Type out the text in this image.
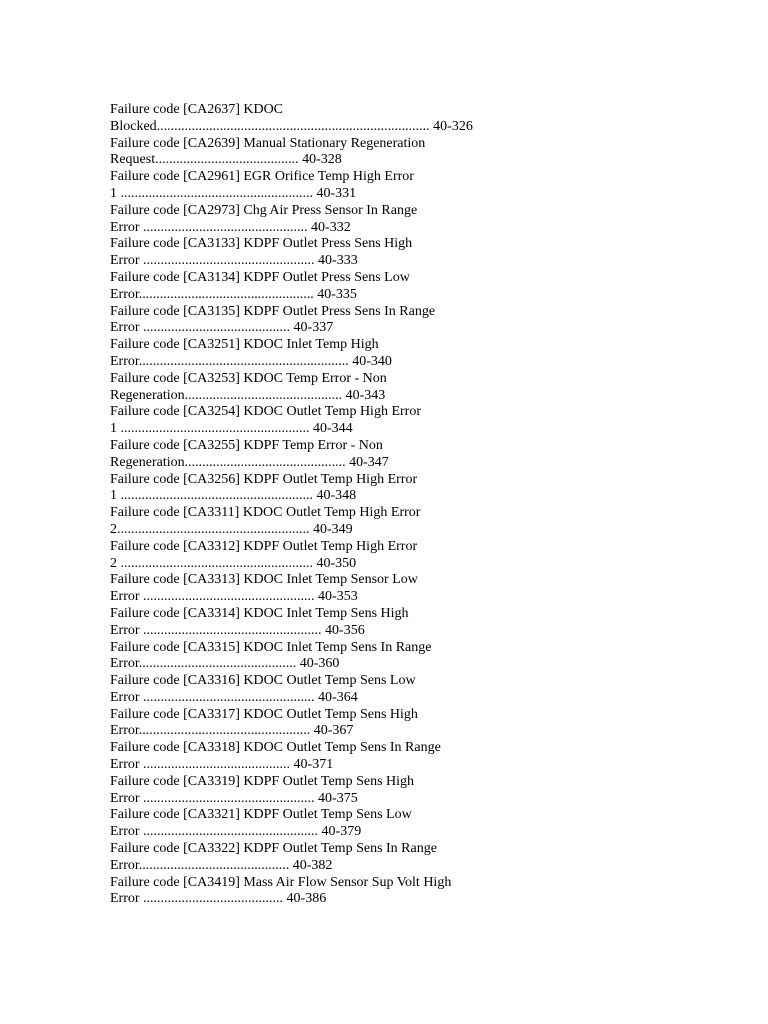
Failure code [CA2637] KDOC
Blocked.............................................................................. 40-326
Failure code [CA2639] Manual Stationary Regeneration
Request......................................... 40-328
Failure code [CA2961] EGR Orifice Temp High Error
1 ....................................................... 40-331
Failure code [CA2973] Chg Air Press Sensor In Range
Error ............................................... 40-332
Failure code [CA3133] KDPF Outlet Press Sens High
Error ................................................. 40-333
Failure code [CA3134] KDPF Outlet Press Sens Low
Error.................................................. 40-335
Failure code [CA3135] KDPF Outlet Press Sens In Range
Error .......................................... 40-337
Failure code [CA3251] KDOC Inlet Temp High
Error............................................................ 40-340
Failure code [CA3253] KDOC Temp Error - Non
Regeneration............................................. 40-343
Failure code [CA3254] KDOC Outlet Temp High Error
1 ...................................................... 40-344
Failure code [CA3255] KDPF Temp Error - Non
Regeneration.............................................. 40-347
Failure code [CA3256] KDPF Outlet Temp High Error
1 ....................................................... 40-348
Failure code [CA3311] KDOC Outlet Temp High Error
2....................................................... 40-349
Failure code [CA3312] KDPF Outlet Temp High Error
2 ....................................................... 40-350
Failure code [CA3313] KDOC Inlet Temp Sensor Low
Error ................................................. 40-353
Failure code [CA3314] KDOC Inlet Temp Sens High
Error ................................................... 40-356
Failure code [CA3315] KDOC Inlet Temp Sens In Range
Error............................................. 40-360
Failure code [CA3316] KDOC Outlet Temp Sens Low
Error ................................................. 40-364
Failure code [CA3317] KDOC Outlet Temp Sens High
Error................................................. 40-367
Failure code [CA3318] KDOC Outlet Temp Sens In Range
Error .......................................... 40-371
Failure code [CA3319] KDPF Outlet Temp Sens High
Error ................................................. 40-375
Failure code [CA3321] KDPF Outlet Temp Sens Low
Error .................................................. 40-379
Failure code [CA3322] KDPF Outlet Temp Sens In Range
Error........................................... 40-382
Failure code [CA3419] Mass Air Flow Sensor Sup Volt High
Error ........................................ 40-386
